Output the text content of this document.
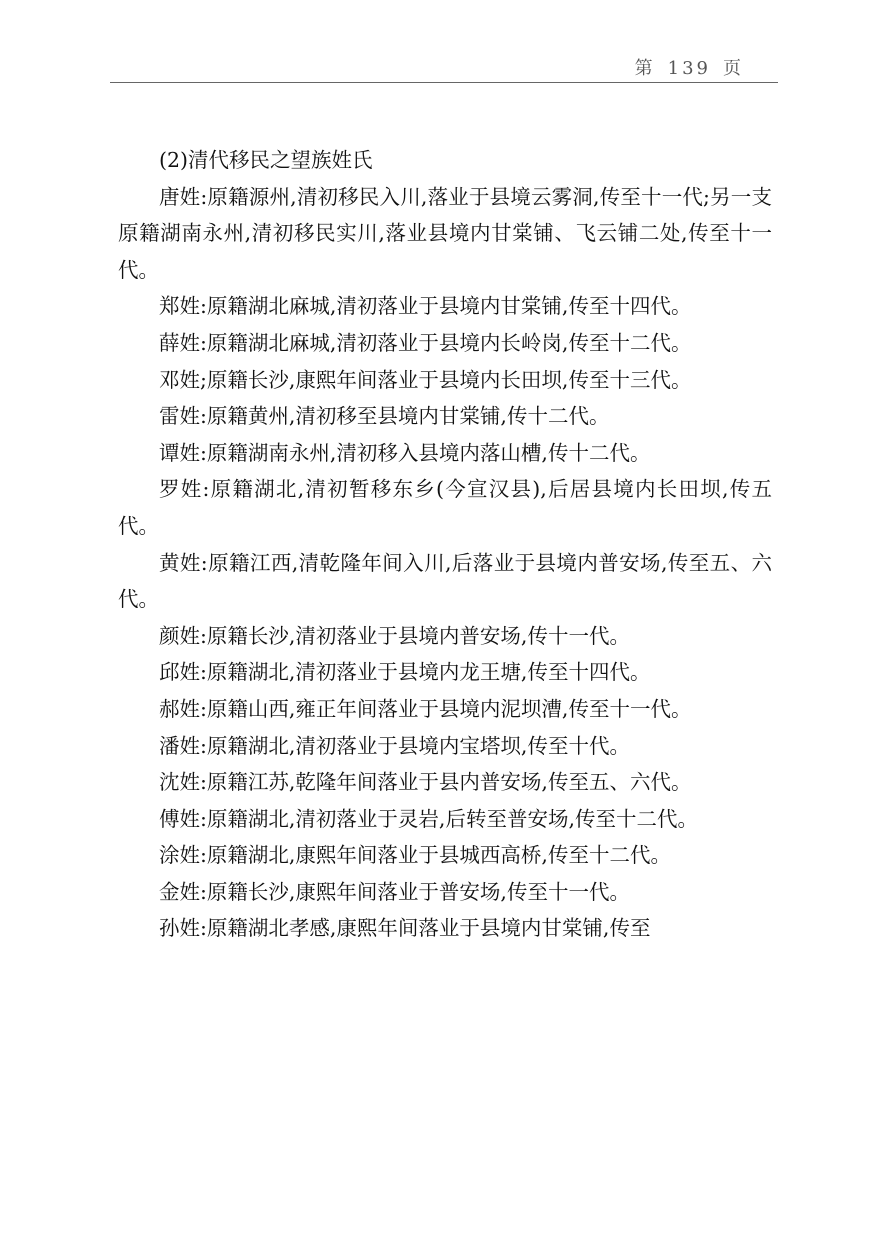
第 139 页

(2)清代移民之望族姓氏

唐姓:原籍源州,清初移民入川,落业于县境云雾洞,传至十一代;另一支原籍湖南永州,清初移民实川,落业县境内甘棠铺、飞云铺二处,传至十一代。

郑姓:原籍湖北麻城,清初落业于县境内甘棠铺,传至十四代。

薛姓:原籍湖北麻城,清初落业于县境内长岭岗,传至十二代。

邓姓;原籍长沙,康熙年间落业于县境内长田坝,传至十三代。

雷姓:原籍黄州,清初移至县境内甘棠铺,传十二代。

谭姓:原籍湖南永州,清初移入县境内落山槽,传十二代。

罗姓:原籍湖北,清初暂移东乡(今宣汉县),后居县境内长田坝,传五代。

黄姓:原籍江西,清乾隆年间入川,后落业于县境内普安场,传至五、六代。

颜姓:原籍长沙,清初落业于县境内普安场,传十一代。

邱姓:原籍湖北,清初落业于县境内龙王塘,传至十四代。

郝姓:原籍山西,雍正年间落业于县境内泥坝漕,传至十一代。

潘姓:原籍湖北,清初落业于县境内宝塔坝,传至十代。

沈姓:原籍江苏,乾隆年间落业于县内普安场,传至五、六代。

傅姓:原籍湖北,清初落业于灵岩,后转至普安场,传至十二代。

涂姓:原籍湖北,康熙年间落业于县城西高桥,传至十二代。

金姓:原籍长沙,康熙年间落业于普安场,传至十一代。

孙姓:原籍湖北孝感,康熙年间落业于县境内甘棠铺,传至
